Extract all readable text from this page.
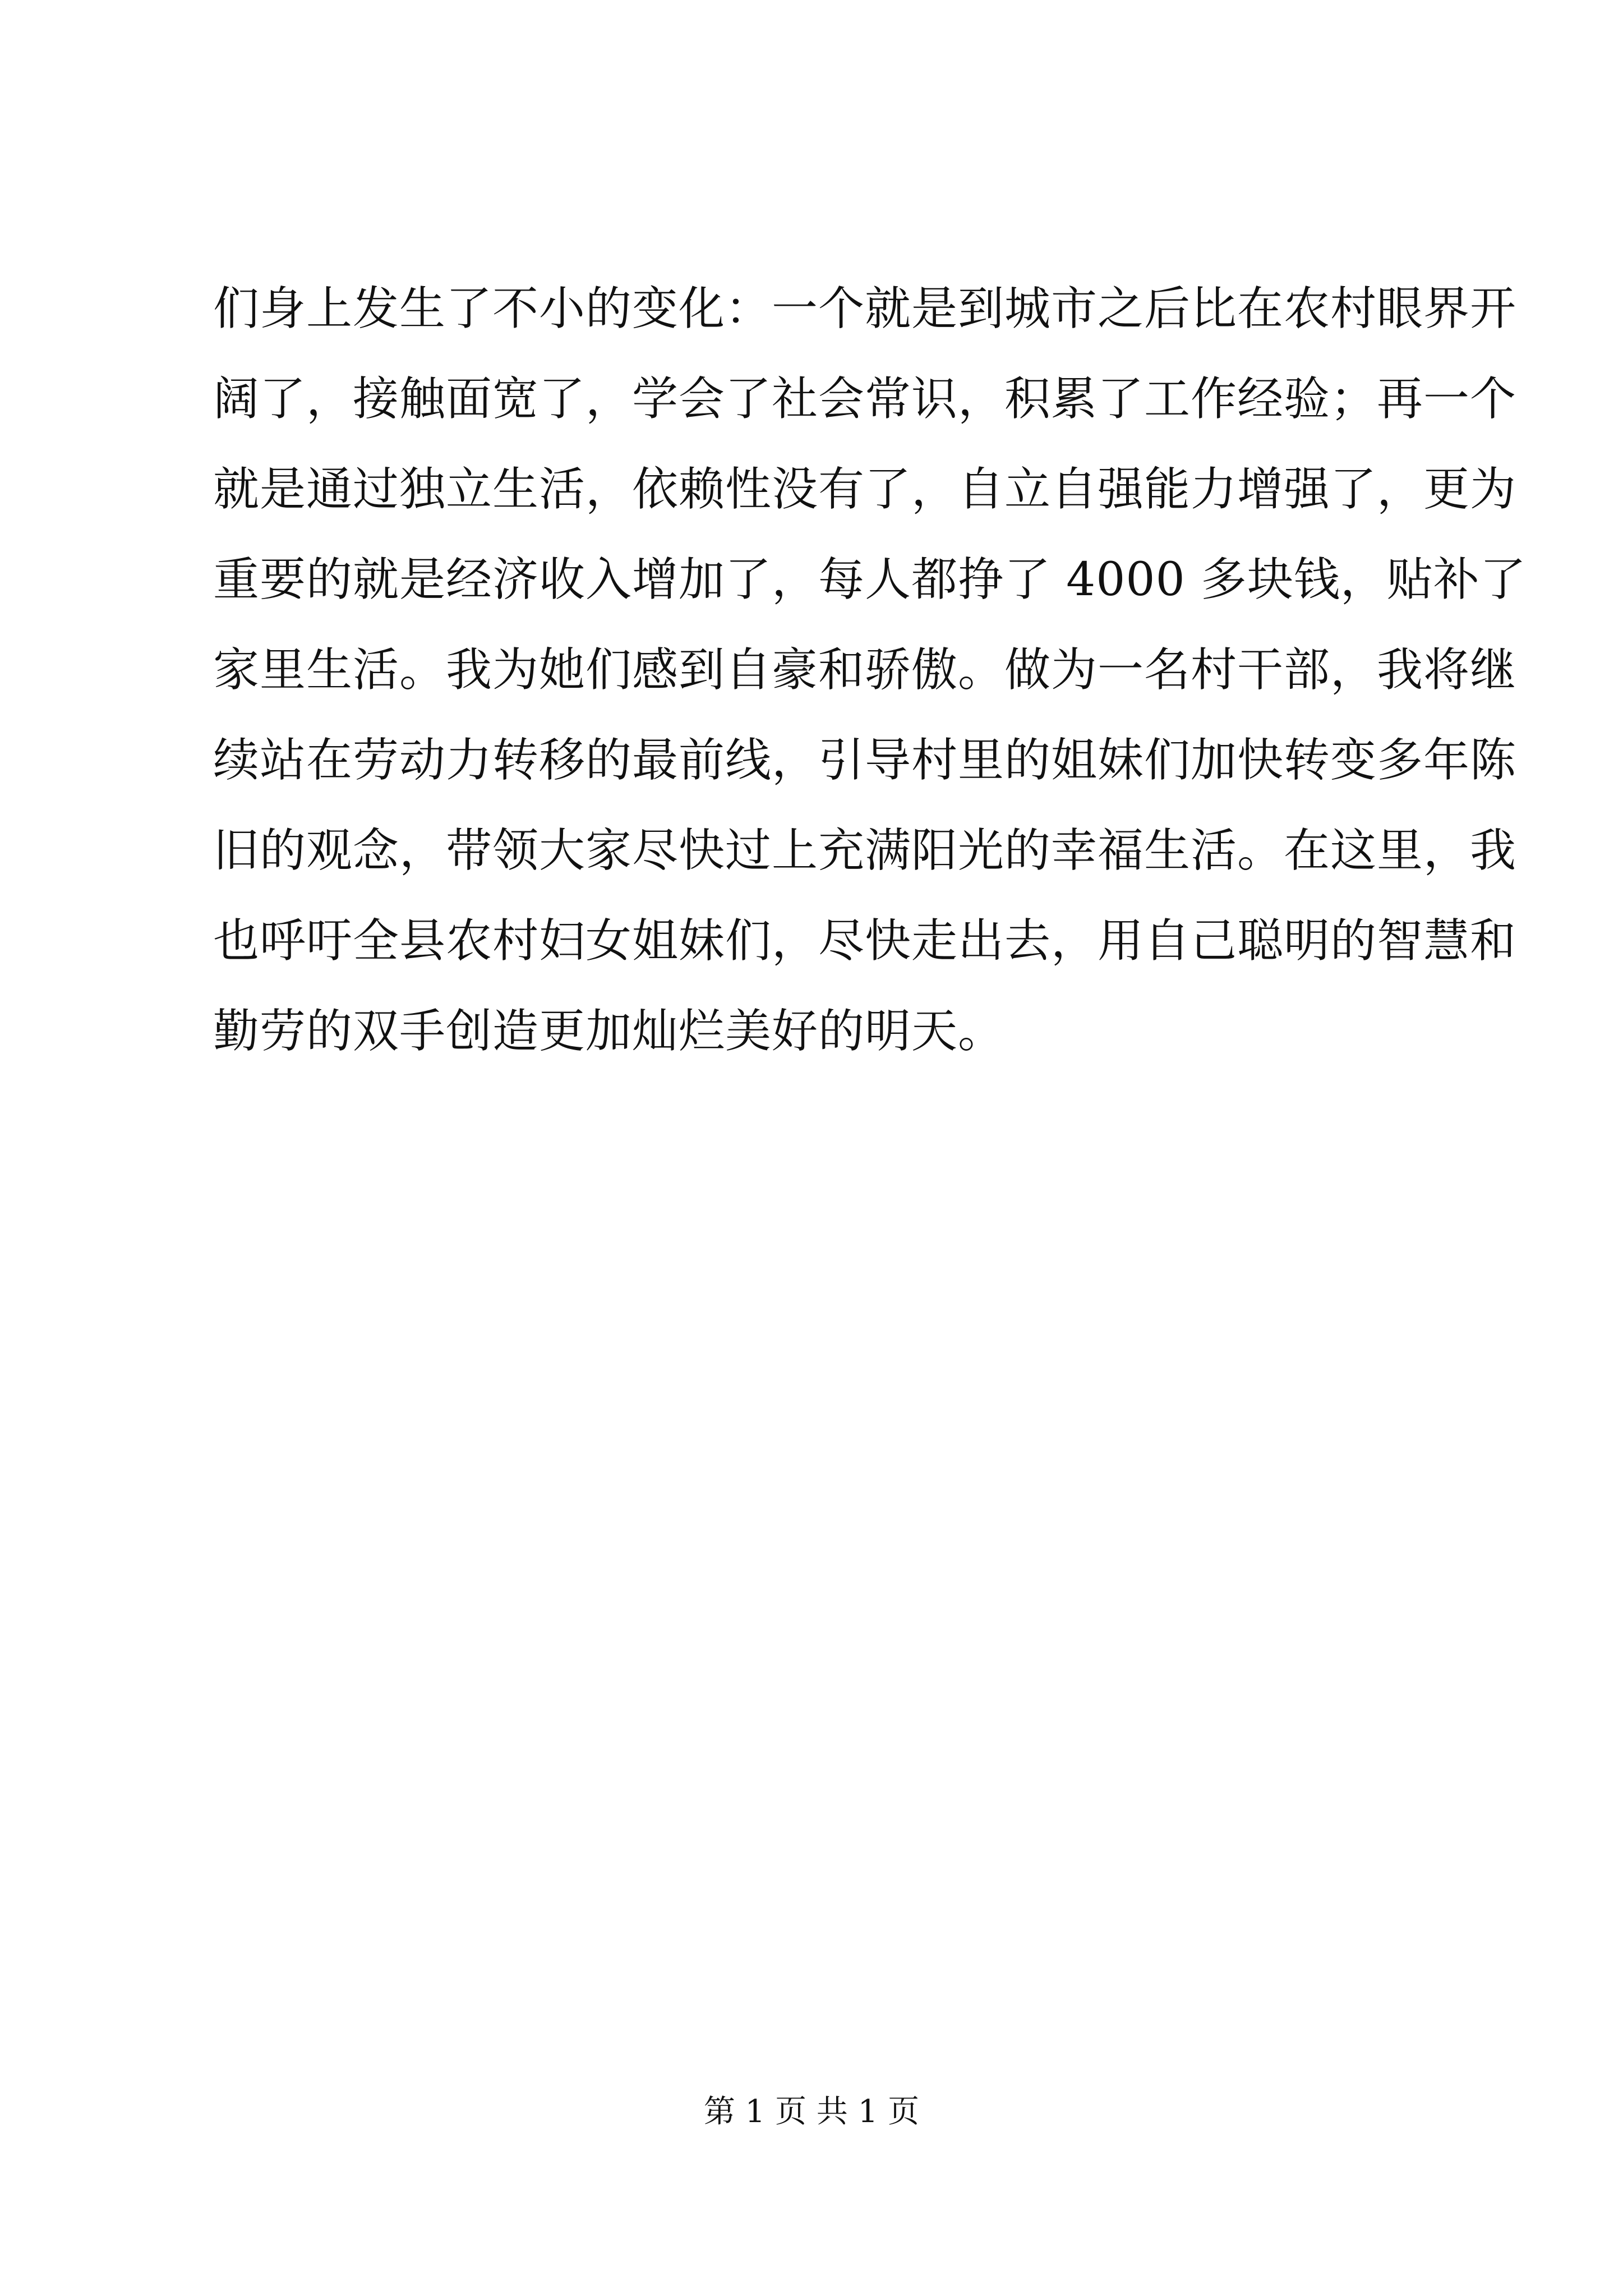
们身上发生了不小的变化：一个就是到城市之后比在农村眼界开
阔了，接触面宽了，学会了社会常识，积累了工作经验；再一个
就是通过独立生活，依赖性没有了，自立自强能力增强了，更为
重要的就是经济收入增加了，每人都挣了 4000 多块钱，贴补了
家里生活。我为她们感到自豪和骄傲。做为一名村干部，我将继
续站在劳动力转移的最前线，引导村里的姐妹们加快转变多年陈
旧的观念，带领大家尽快过上充满阳光的幸福生活。在这里，我
也呼吁全县农村妇女姐妹们，尽快走出去，用自己聪明的智慧和
勤劳的双手创造更加灿烂美好的明天。
第 1 页 共 1 页
